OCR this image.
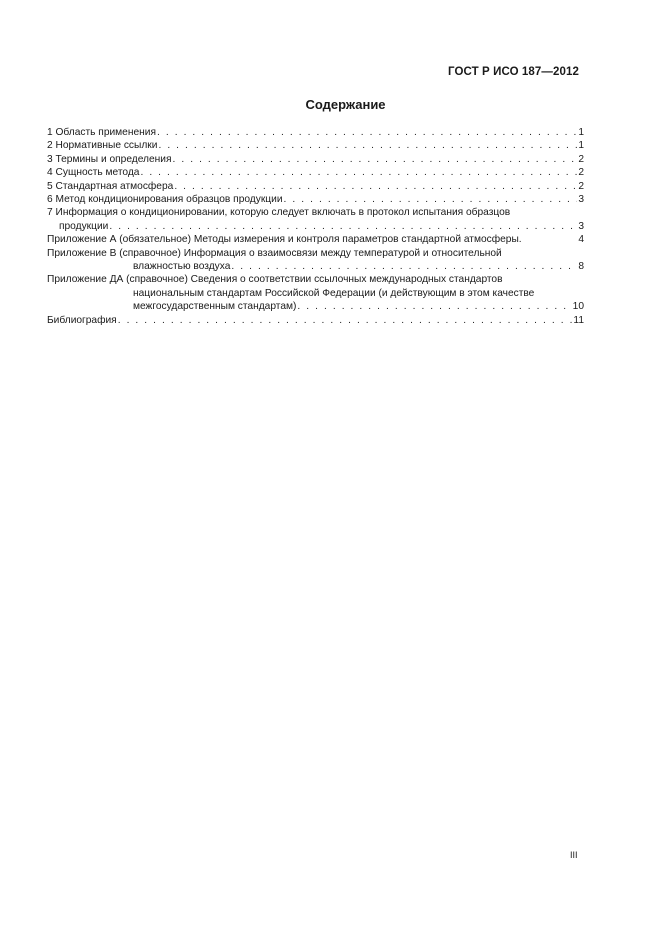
ГОСТ Р ИСО 187—2012
Содержание
1 Область применения . . .	1
2 Нормативные ссылки . . .	1
3 Термины и определения . . .	2
4 Сущность метода . . .	2
5 Стандартная атмосфера . . .	2
6 Метод кондиционирования образцов продукции . . .	3
7 Информация о кондиционировании, которую следует включать в протокол испытания образцов
продукции . . .	3
Приложение А (обязательное) Методы измерения и контроля параметров стандартной атмосферы.	4
Приложение В (справочное) Информация о взаимосвязи между температурой и относительной
влажностью воздуха . . .	8
Приложение ДА (справочное) Сведения о соответствии ссылочных международных стандартов
национальным стандартам Российской Федерации (и действующим в этом качестве
межгосударственным стандартам) . . .	10
Библиография . . .	11
III
